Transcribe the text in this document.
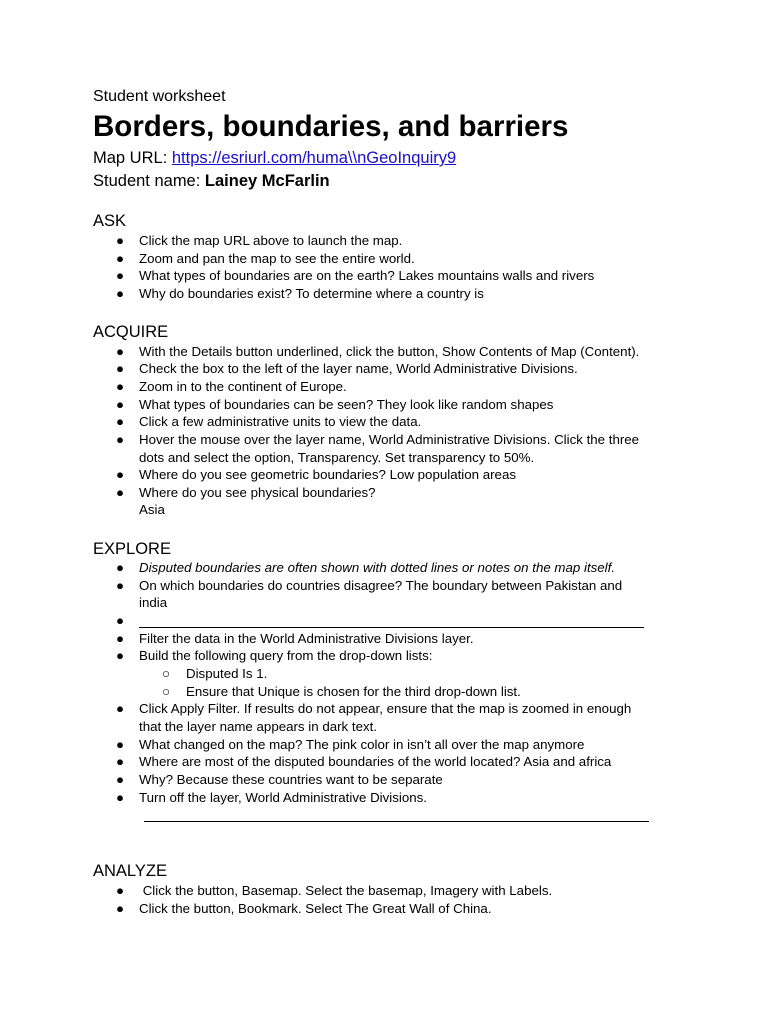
Student worksheet
Borders, boundaries, and barriers
Map URL: https://esriurl.com/huma\\nGeoInquiry9
Student name: Lainey McFarlin
ASK
●	Click the map URL above to launch the map.
●	Zoom and pan the map to see the entire world.
●	What types of boundaries are on the earth? Lakes mountains walls and rivers
●	Why do boundaries exist? To determine where a country is
ACQUIRE
●	With the Details button underlined, click the button, Show Contents of Map (Content).
●	Check the box to the left of the layer name, World Administrative Divisions.
●	Zoom in to the continent of Europe.
●	What types of boundaries can be seen? They look like random shapes
●	Click a few administrative units to view the data.
●	Hover the mouse over the layer name, World Administrative Divisions. Click the three
dots and select the option, Transparency. Set transparency to 50%.
●	Where do you see geometric boundaries? Low population areas
●	Where do you see physical boundaries?
Asia
EXPLORE
●	Disputed boundaries are often shown with dotted lines or notes on the map itself.
●	On which boundaries do countries disagree? The boundary between Pakistan and
india
●
●	Filter the data in the World Administrative Divisions layer.
●	Build the following query from the drop-down lists:
○ Disputed Is 1.
○ Ensure that Unique is chosen for the third drop-down list.
●	Click Apply Filter. If results do not appear, ensure that the map is zoomed in enough
that the layer name appears in dark text.
●	What changed on the map? The pink color in isn’t all over the map anymore
●	Where are most of the disputed boundaries of the world located? Asia and africa
●	Why? Because these countries want to be separate
●	Turn off the layer, World Administrative Divisions.
ANALYZE
●	Click the button, Basemap. Select the basemap, Imagery with Labels.
●	Click the button, Bookmark. Select The Great Wall of China.
